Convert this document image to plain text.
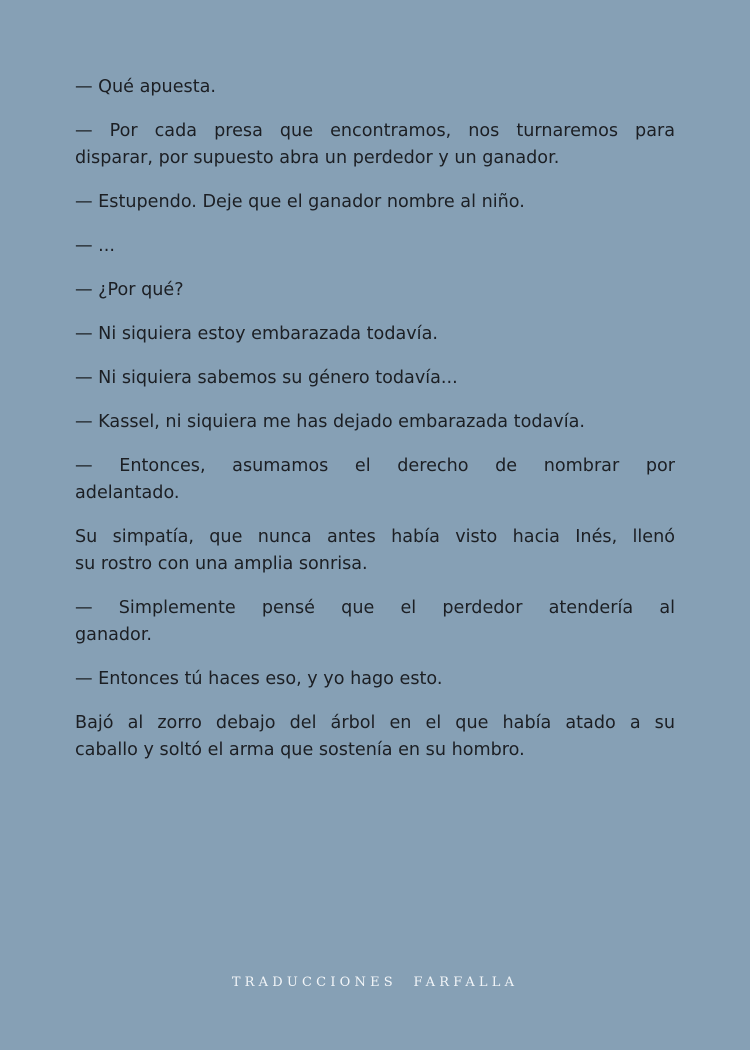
— Qué apuesta.

— Por cada presa que encontramos, nos turnaremos para
disparar, por supuesto abra un perdedor y un ganador.

— Estupendo. Deje que el ganador nombre al niño.

— ...

— ¿Por qué?

— Ni siquiera estoy embarazada todavía.

— Ni siquiera sabemos su género todavía...

— Kassel, ni siquiera me has dejado embarazada todavía.

— Entonces, asumamos el derecho de nombrar por
adelantado.

Su simpatía, que nunca antes había visto hacia Inés, llenó
su rostro con una amplia sonrisa.

— Simplemente pensé que el perdedor atendería al
ganador.

— Entonces tú haces eso, y yo hago esto.

Bajó al zorro debajo del árbol en el que había atado a su
caballo y soltó el arma que sostenía en su hombro.

TRADUCCIONES  FARFALLA
